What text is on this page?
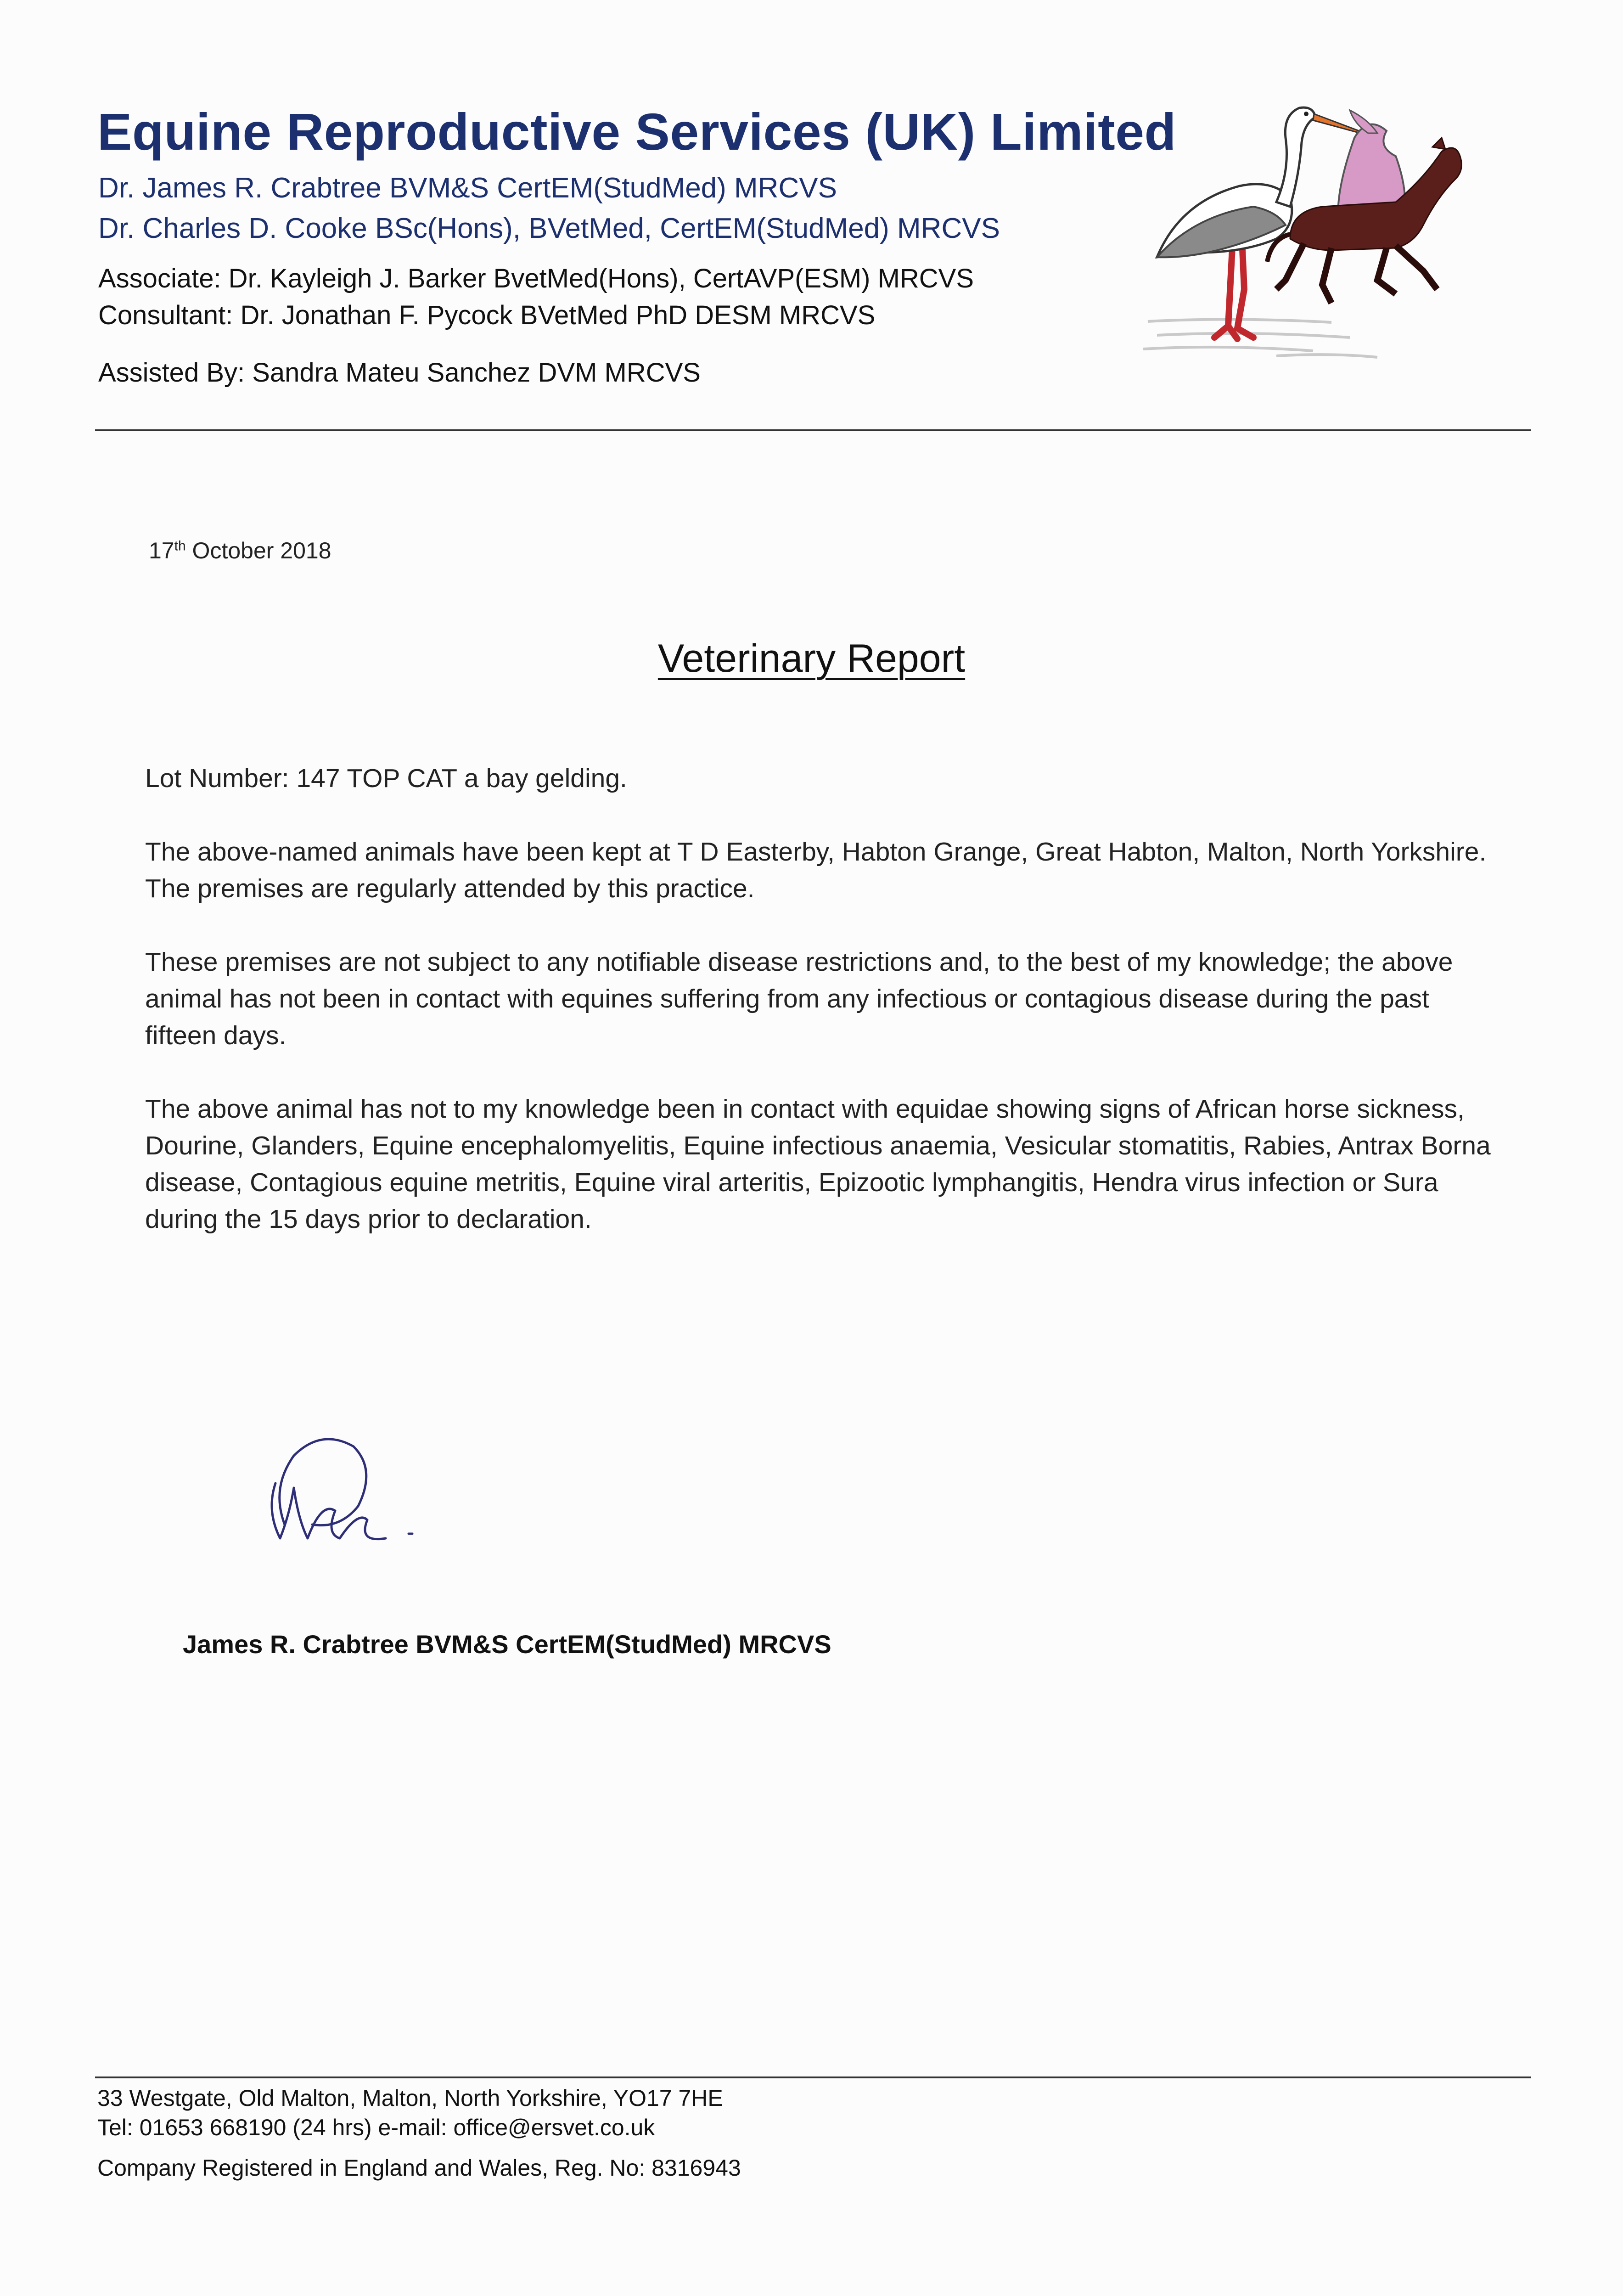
Equine Reproductive Services (UK) Limited
Dr. James R. Crabtree BVM&S CertEM(StudMed) MRCVS
Dr. Charles D. Cooke BSc(Hons), BVetMed, CertEM(StudMed) MRCVS
Associate: Dr. Kayleigh J. Barker BvetMed(Hons), CertAVP(ESM) MRCVS
Consultant: Dr. Jonathan F. Pycock BVetMed PhD DESM MRCVS
Assisted By: Sandra Mateu Sanchez DVM MRCVS
17th October 2018
Veterinary Report
Lot Number: 147 TOP CAT a bay gelding.
The above-named animals have been kept at T D Easterby, Habton Grange, Great Habton, Malton, North Yorkshire. The premises are regularly attended by this practice.
These premises are not subject to any notifiable disease restrictions and, to the best of my knowledge; the above animal has not been in contact with equines suffering from any infectious or contagious disease during the past fifteen days.
The above animal has not to my knowledge been in contact with equidae showing signs of African horse sickness, Dourine, Glanders, Equine encephalomyelitis, Equine infectious anaemia, Vesicular stomatitis, Rabies, Antrax Borna disease, Contagious equine metritis, Equine viral arteritis, Epizootic lymphangitis, Hendra virus infection or Sura during the 15 days prior to declaration.
James R. Crabtree BVM&S CertEM(StudMed) MRCVS
33 Westgate, Old Malton, Malton, North Yorkshire, YO17 7HE
Tel: 01653 668190 (24 hrs) e-mail: office@ersvet.co.uk
Company Registered in England and Wales, Reg. No: 8316943
